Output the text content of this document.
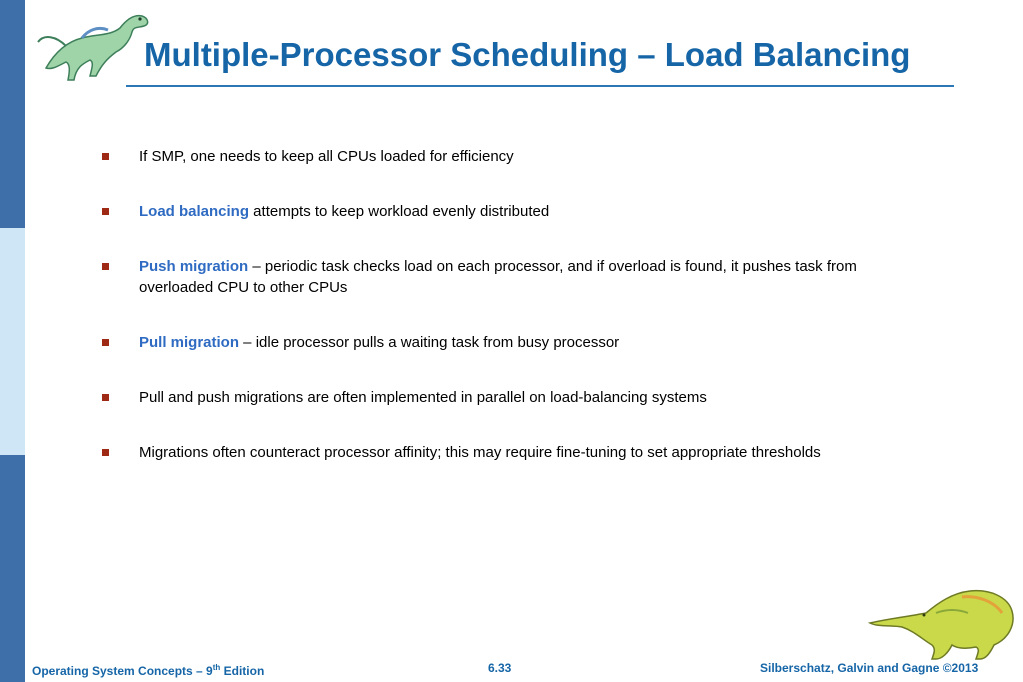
Multiple-Processor Scheduling – Load Balancing
If SMP, one needs to keep all CPUs loaded for efficiency
Load balancing attempts to keep workload evenly distributed
Push migration – periodic task checks load on each processor, and if overload is found, it pushes task from overloaded CPU to other CPUs
Pull migration – idle processor pulls a waiting task from busy processor
Pull and push migrations are often implemented in parallel on load-balancing systems
Migrations often counteract processor affinity; this may require fine-tuning to set appropriate thresholds
Operating System Concepts – 9th Edition	6.33	Silberschatz, Galvin and Gagne ©2013
